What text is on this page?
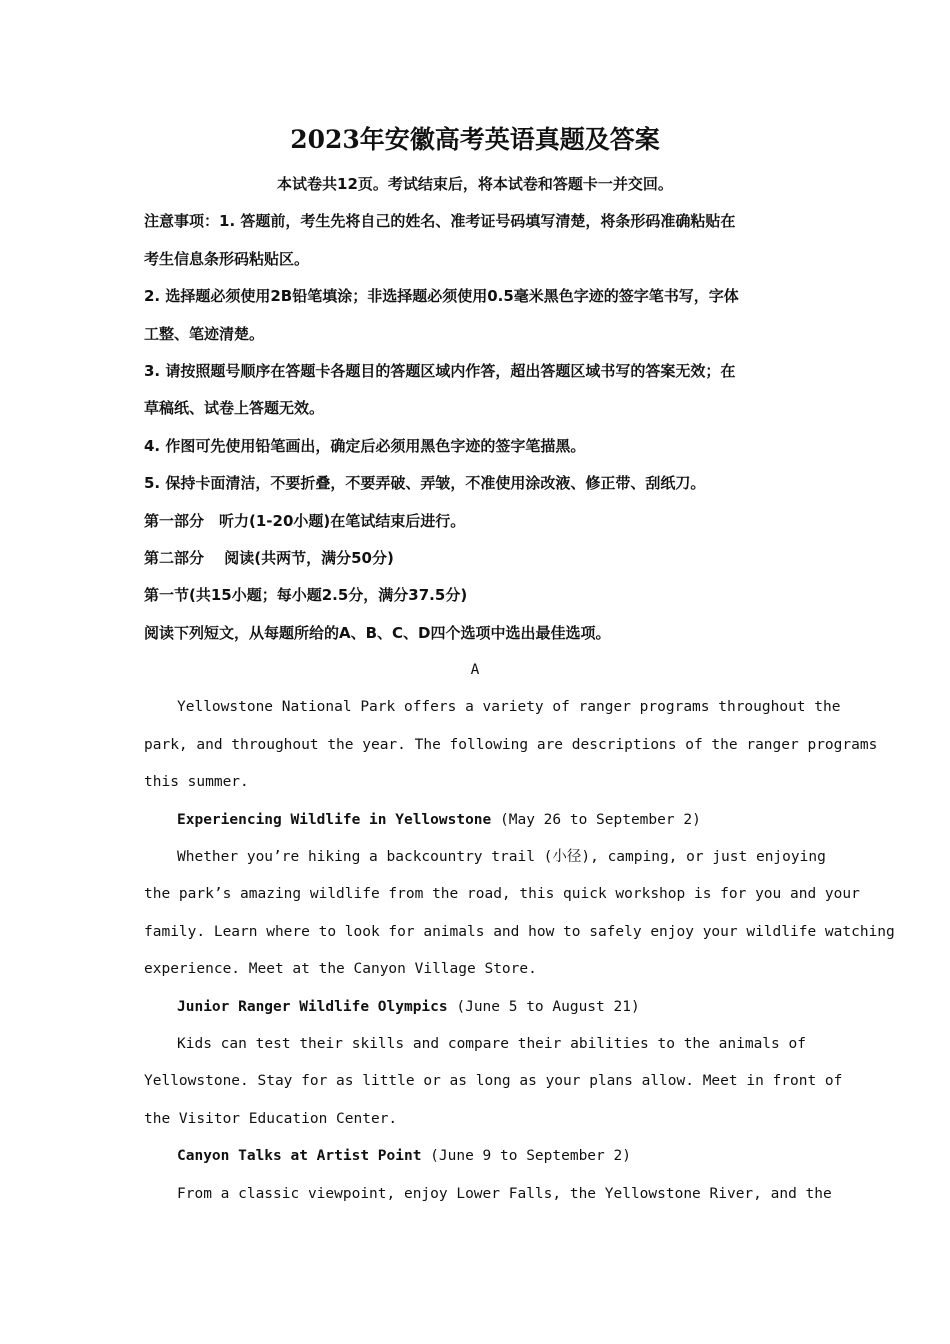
2023年安徽高考英语真题及答案
本试卷共12页。考试结束后，将本试卷和答题卡一并交回。
注意事项：1. 答题前，考生先将自己的姓名、准考证号码填写清楚，将条形码准确粘贴在
考生信息条形码粘贴区。
2. 选择题必须使用2B铅笔填涂；非选择题必须使用0.5毫米黑色字迹的签字笔书写，字体
工整、笔迹清楚。
3. 请按照题号顺序在答题卡各题目的答题区域内作答，超出答题区域书写的答案无效；在
草稿纸、试卷上答题无效。
4. 作图可先使用铅笔画出，确定后必须用黑色字迹的签字笔描黑。
5. 保持卡面清洁，不要折叠，不要弄破、弄皱，不准使用涂改液、修正带、刮纸刀。
第一部分　听力(1-20小题)在笔试结束后进行。
第二部分　 阅读(共两节，满分50分)
第一节(共15小题；每小题2.5分，满分37.5分)
阅读下列短文，从每题所给的A、B、C、D四个选项中选出最佳选项。
A
Yellowstone National Park offers a variety of ranger programs throughout the
park, and throughout the year. The following are descriptions of the ranger programs
this summer.
Experiencing Wildlife in Yellowstone (May 26 to September 2)
Whether you’re hiking a backcountry trail (小径), camping, or just enjoying
the park’s amazing wildlife from the road, this quick workshop is for you and your
family. Learn where to look for animals and how to safely enjoy your wildlife watching
experience. Meet at the Canyon Village Store.
Junior Ranger Wildlife Olympics (June 5 to August 21)
Kids can test their skills and compare their abilities to the animals of
Yellowstone. Stay for as little or as long as your plans allow. Meet in front of
the Visitor Education Center.
Canyon Talks at Artist Point (June 9 to September 2)
From a classic viewpoint, enjoy Lower Falls, the Yellowstone River, and the
